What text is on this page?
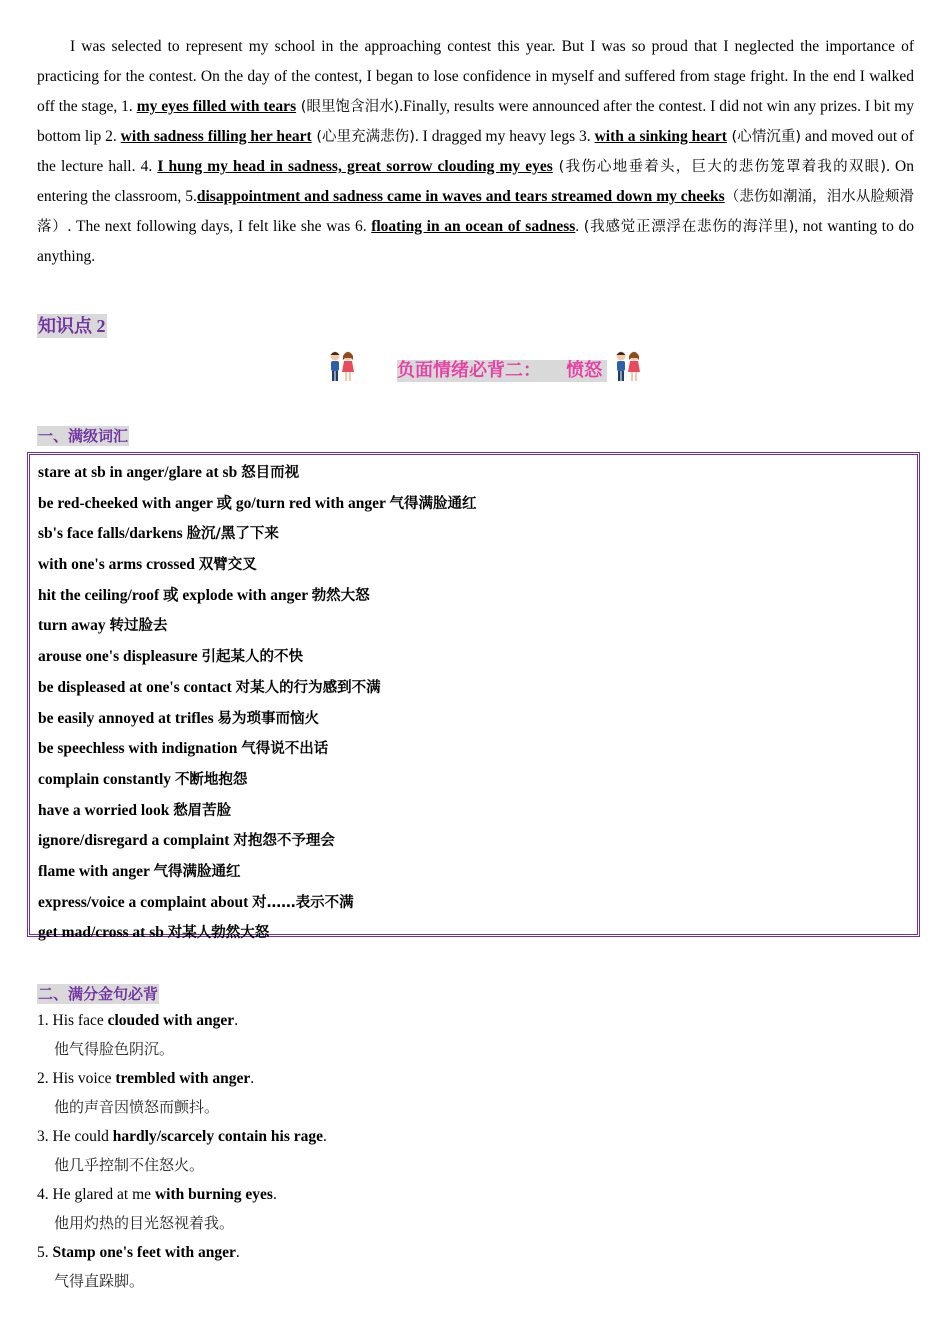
I was selected to represent my school in the approaching contest this year. But I was so proud that I neglected the importance of practicing for the contest. On the day of the contest, I began to lose confidence in myself and suffered from stage fright. In the end I walked off the stage, 1. my eyes filled with tears (眼里饱含泪水).Finally, results were announced after the contest. I did not win any prizes. I bit my bottom lip 2. with sadness filling her heart (心里充满悲伤). I dragged my heavy legs 3. with a sinking heart (心情沉重) and moved out of the lecture hall. 4. I hung my head in sadness, great sorrow clouding my eyes (我伤心地垂着头，巨大的悲伤笼罩着我的双眼). On entering the classroom, 5.disappointment and sadness came in waves and tears streamed down my cheeks（悲伤如潮涌，泪水从脸颊滑落）. The next following days, I felt like she was 6. floating in an ocean of sadness. (我感觉正漂浮在悲伤的海洋里), not wanting to do anything.

知识点 2
负面情绪必背二：    愤怒
一、满级词汇
stare at sb in anger/glare at sb 怒目而视
be red-cheeked with anger 或 go/turn red with anger 气得满脸通红
sb's face falls/darkens 脸沉/黑了下来
with one's arms crossed 双臂交叉
hit the ceiling/roof 或 explode with anger 勃然大怒
turn away 转过脸去
arouse one's displeasure 引起某人的不快
be displeased at one's contact 对某人的行为感到不满
be easily annoyed at trifles 易为琐事而恼火
be speechless with indignation 气得说不出话
complain constantly 不断地抱怨
have a worried look 愁眉苦脸
ignore/disregard a complaint 对抱怨不予理会
flame with anger 气得满脸通红
express/voice a complaint about 对……表示不满
get mad/cross at sb 对某人勃然大怒
二、满分金句必背
1. His face clouded with anger.
他气得脸色阴沉。
2. His voice trembled with anger.
他的声音因愤怒而颤抖。
3. He could hardly/scarcely contain his rage.
他几乎控制不住怒火。
4. He glared at me with burning eyes.
他用灼热的目光怒视着我。
5. Stamp one's feet with anger.
气得直跺脚。
